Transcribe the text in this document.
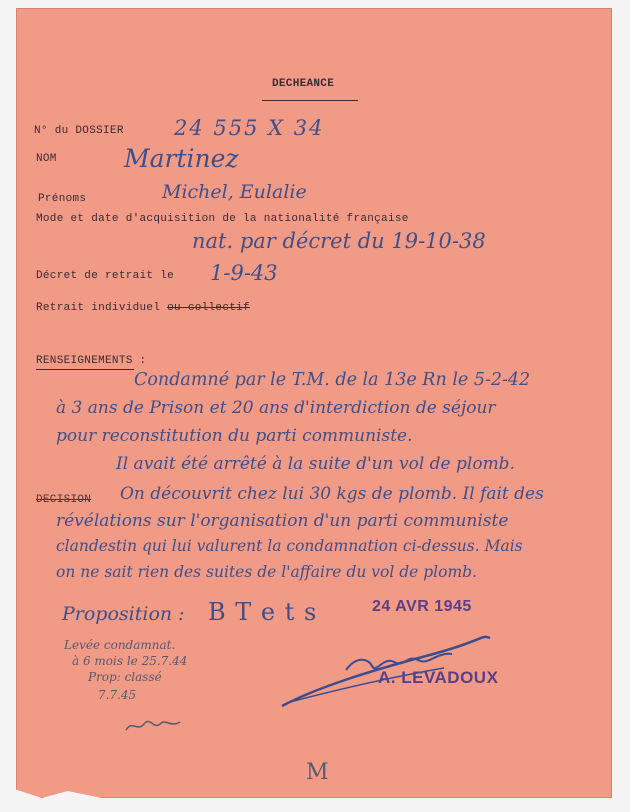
DECHEANCE
N° du DOSSIER 24 555 X 34
NOM	Martinez
Prénoms	Michel, Eulalie
Mode et date d'acquisition de la nationalité française
nat. par décret du 19-10-38
Décret de retrait le 1-9-43
Retrait individuel ou collectif
RENSEIGNEMENTS :
Condamné par le T.M. de la 13e Rn le 5-2-42
à 3 ans de Prison et 20 ans d'interdiction de séjour
pour reconstitution du parti communiste.
Il avait été arrêté à la suite d'un vol de plomb.
DECISION On découvrit chez lui 30 kgs de plomb. Il fait des
révélations sur l'organisation d'un parti communiste
clandestin qui lui valurent la condamnation ci-dessus. Mais
on ne sait rien des suites de l'affaire du vol de plomb.
Proposition : B T e t s	24 AVR 1945
A. LEVADOUX
Levée condamnat.
à 6 mois le 25.7.44
Prop: classé
7.7.45
M
